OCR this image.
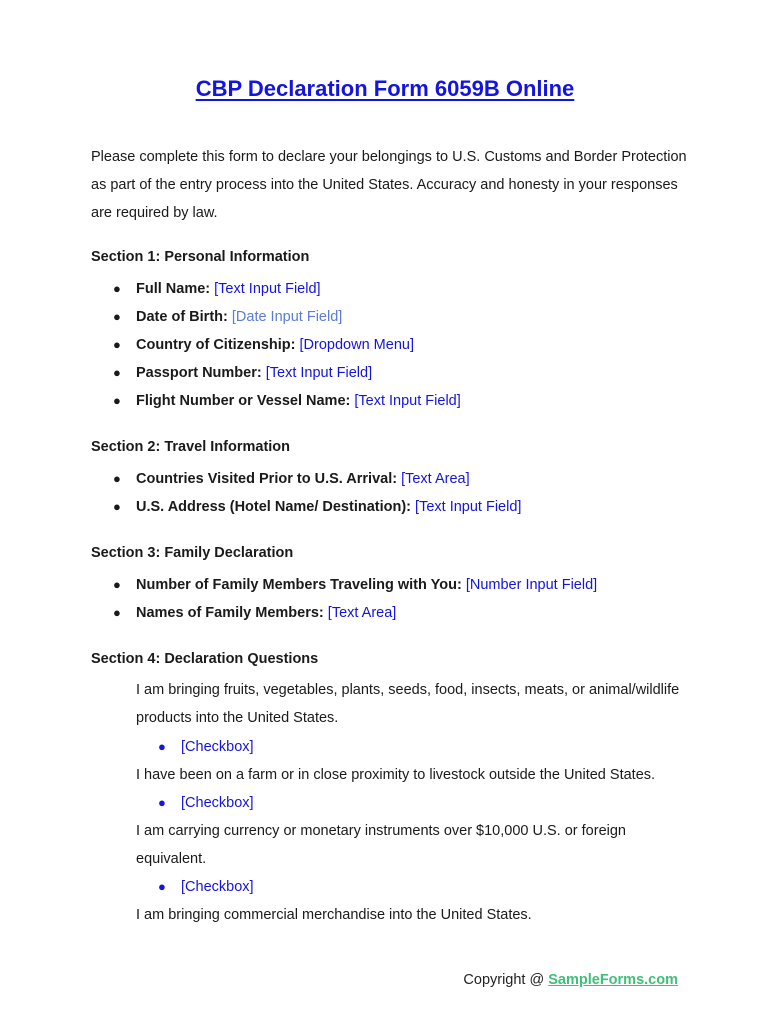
CBP Declaration Form 6059B Online

Please complete this form to declare your belongings to U.S. Customs and Border Protection as part of the entry process into the United States. Accuracy and honesty in your responses are required by law.

Section 1: Personal Information

● Full Name: [Text Input Field]
● Date of Birth: [Date Input Field]
● Country of Citizenship: [Dropdown Menu]
● Passport Number: [Text Input Field]
● Flight Number or Vessel Name: [Text Input Field]

Section 2: Travel Information

● Countries Visited Prior to U.S. Arrival: [Text Area]
● U.S. Address (Hotel Name/ Destination): [Text Input Field]

Section 3: Family Declaration

● Number of Family Members Traveling with You: [Number Input Field]
● Names of Family Members: [Text Area]

Section 4: Declaration Questions

I am bringing fruits, vegetables, plants, seeds, food, insects, meats, or animal/wildlife products into the United States.

● [Checkbox]

I have been on a farm or in close proximity to livestock outside the United States.

● [Checkbox]

I am carrying currency or monetary instruments over $10,000 U.S. or foreign equivalent.

● [Checkbox]

I am bringing commercial merchandise into the United States.

Copyright @ SampleForms.com
